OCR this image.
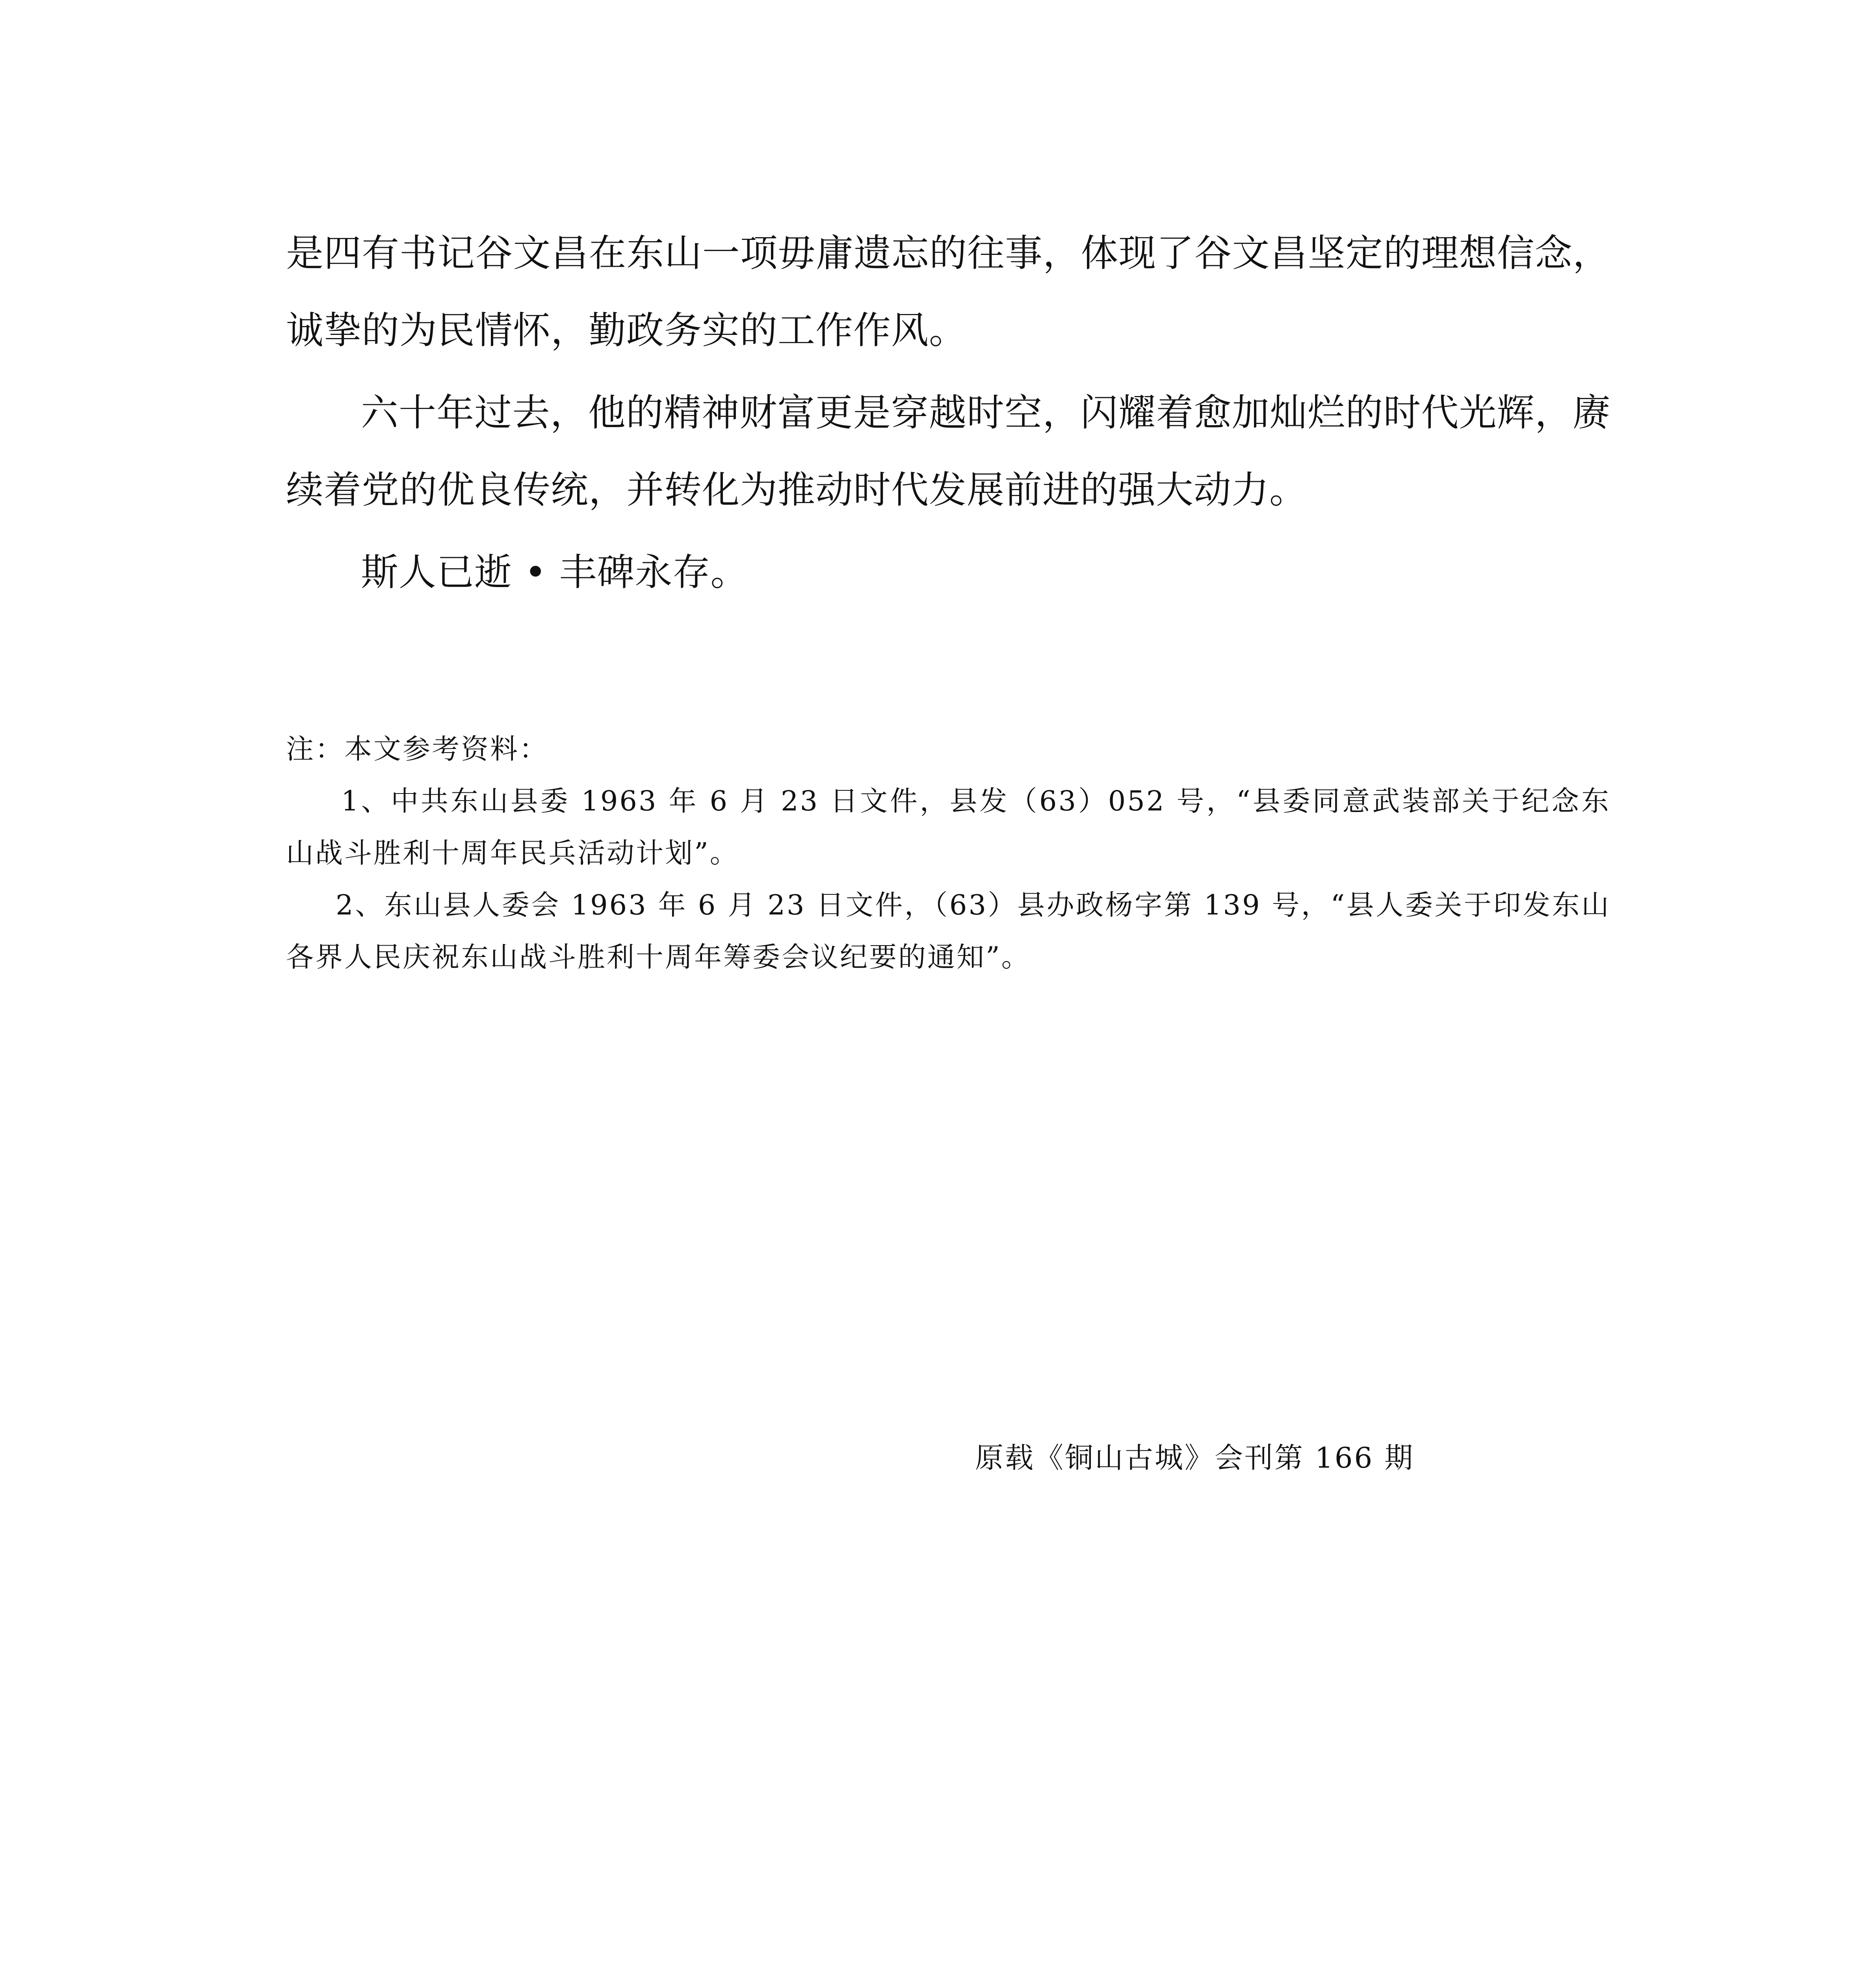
是四有书记谷文昌在东山一项毋庸遗忘的往事，体现了谷文昌坚定的理想信念，诚挚的为民情怀，勤政务实的工作作风。

六十年过去，他的精神财富更是穿越时空，闪耀着愈加灿烂的时代光辉，赓续着党的优良传统，并转化为推动时代发展前进的强大动力。

斯人已逝 • 丰碑永存。

注：本文参考资料：

1、中共东山县委 1963 年 6 月 23 日文件，县发（63）052 号，“县委同意武装部关于纪念东山战斗胜利十周年民兵活动计划”。

2、东山县人委会 1963 年 6 月 23 日文件，（63）县办政杨字第 139 号，“县人委关于印发东山各界人民庆祝东山战斗胜利十周年筹委会议纪要的通知”。

原载《铜山古城》会刊第 166 期
